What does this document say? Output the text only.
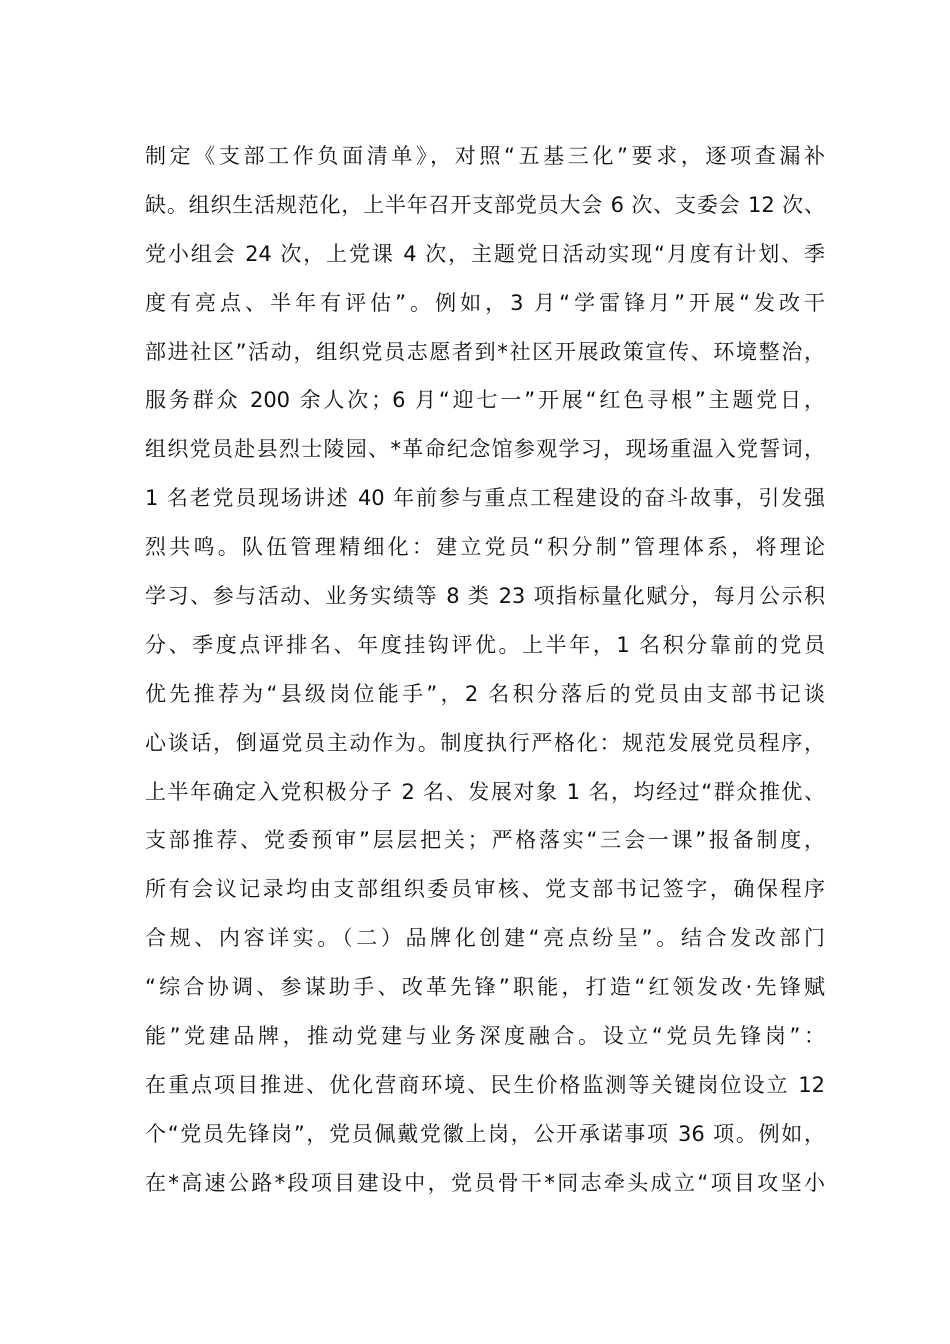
制定《支部工作负面清单》，对照“五基三化”要求，逐项查漏补
缺。组织生活规范化，上半年召开支部党员大会 6 次、支委会 12 次、
党小组会 24 次，上党课 4 次，主题党日活动实现“月度有计划、季
度有亮点、半年有评估”。例如，3 月“学雷锋月”开展“发改干
部进社区”活动，组织党员志愿者到*社区开展政策宣传、环境整治，
服务群众 200 余人次；6 月“迎七一”开展“红色寻根”主题党日，
组织党员赴县烈士陵园、*革命纪念馆参观学习，现场重温入党誓词，
1 名老党员现场讲述 40 年前参与重点工程建设的奋斗故事，引发强
烈共鸣。队伍管理精细化：建立党员“积分制”管理体系，将理论
学习、参与活动、业务实绩等 8 类 23 项指标量化赋分，每月公示积
分、季度点评排名、年度挂钩评优。上半年，1 名积分靠前的党员
优先推荐为“县级岗位能手”，2 名积分落后的党员由支部书记谈
心谈话，倒逼党员主动作为。制度执行严格化：规范发展党员程序，
上半年确定入党积极分子 2 名、发展对象 1 名，均经过“群众推优、
支部推荐、党委预审”层层把关；严格落实“三会一课”报备制度，
所有会议记录均由支部组织委员审核、党支部书记签字，确保程序
合规、内容详实。（二）品牌化创建“亮点纷呈”。结合发改部门
“综合协调、参谋助手、改革先锋”职能，打造“红领发改·先锋赋
能”党建品牌，推动党建与业务深度融合。设立“党员先锋岗”：
在重点项目推进、优化营商环境、民生价格监测等关键岗位设立 12
个“党员先锋岗”，党员佩戴党徽上岗，公开承诺事项 36 项。例如，
在*高速公路*段项目建设中，党员骨干*同志牵头成立“项目攻坚小
